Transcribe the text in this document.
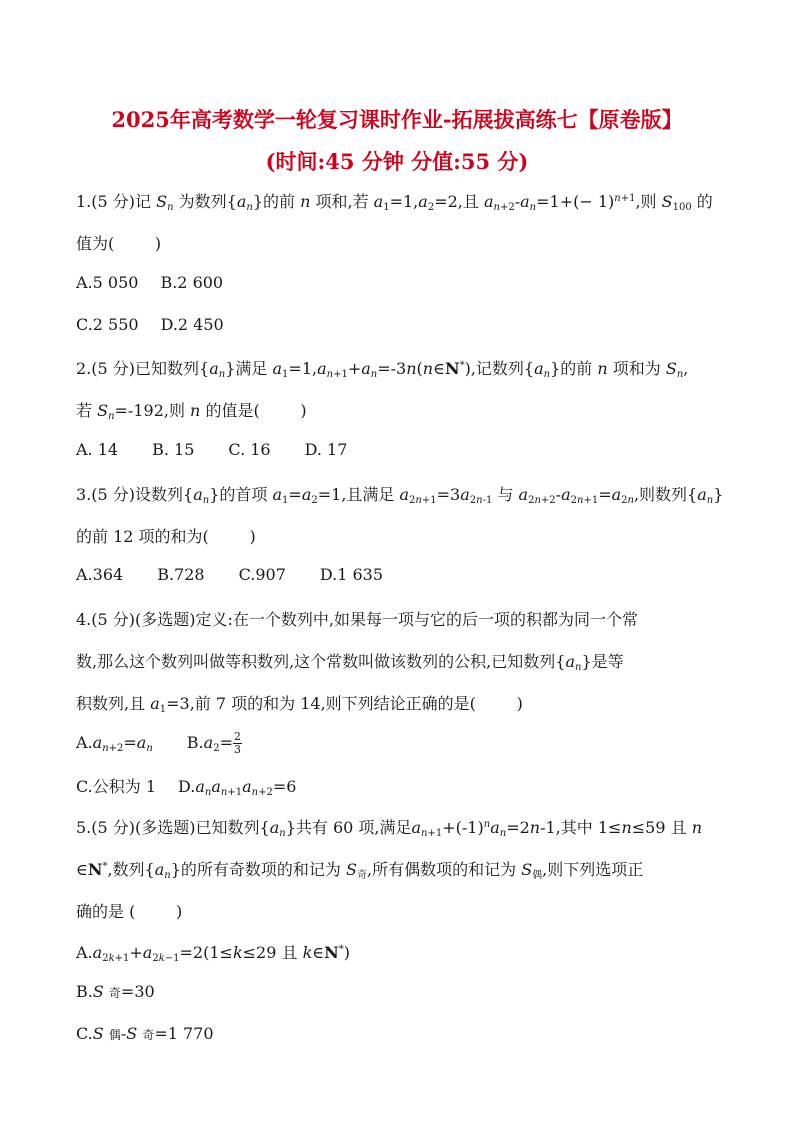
2025年高考数学一轮复习课时作业-拓展拔高练七【原卷版】
(时间:45 分钟 分值:55 分)
1.(5 分)记 $S_n$ 为数列$\{a_n\}$的前 n 项和,若 $a_1=1,a_2=2$,且 $a_{n+2}-a_n=1+(- 1)^{n+1}$,则 $S_{100}$ 的
值为(        )
A.5 050 B.2 600
C.2 550 D.2 450
2.(5 分)已知数列$\{a_n\}$满足 $a_1=1,a_{n+1}+a_n=-3n(n\in N^*)$,记数列$\{a_n\}$的前 n 项和为 $S_n$,
若 $S_n=-192$,则 n 的值是(        )
A. 14 B. 15 C. 16 D. 17
3.(5 分)设数列$\{a_n\}$的首项 $a_1=a_2=1$,且满足 $a_{2n+1}=3a_{2n-1}$ 与 $a_{2n+2}-a_{2n+1}=a_{2n}$,则数列$\{a_n\}$
的前 12 项的和为(        )
A.364 B.728 C.907 D.1 635
4.(5 分)(多选题)定义:在一个数列中,如果每一项与它的后一项的积都为同一个常
数,那么这个数列叫做等积数列,这个常数叫做该数列的公积,已知数列$\{a_n\}$是等
积数列,且 $a_1=3$,前 7 项的和为 14,则下列结论正确的是(        )
$A.a_{n+2}=a_n$ $B.a_2= \frac{2}{3}$
C.公积为 1 $D.a_na_{n+1}a_{n+2}=6$
5.(5 分)(多选题)已知数列$\{a_n\}$共有 60 项,满足$a_{n+1}+(-1)^na_n=2n-1$,其中 1≤n≤59 且 n
∈N*,数列$\{a_n\}$的所有奇数项的和记为 $S_奇$,所有偶数项的和记为 $S_偶$,则下列选项正
确的是 (        )
$A.a_{2k+1}+a_{2k-1}=2(1\le k\le 29$ 且 k∈N*)
B.S 奇=30
C.S 偶-S 奇=1 770
